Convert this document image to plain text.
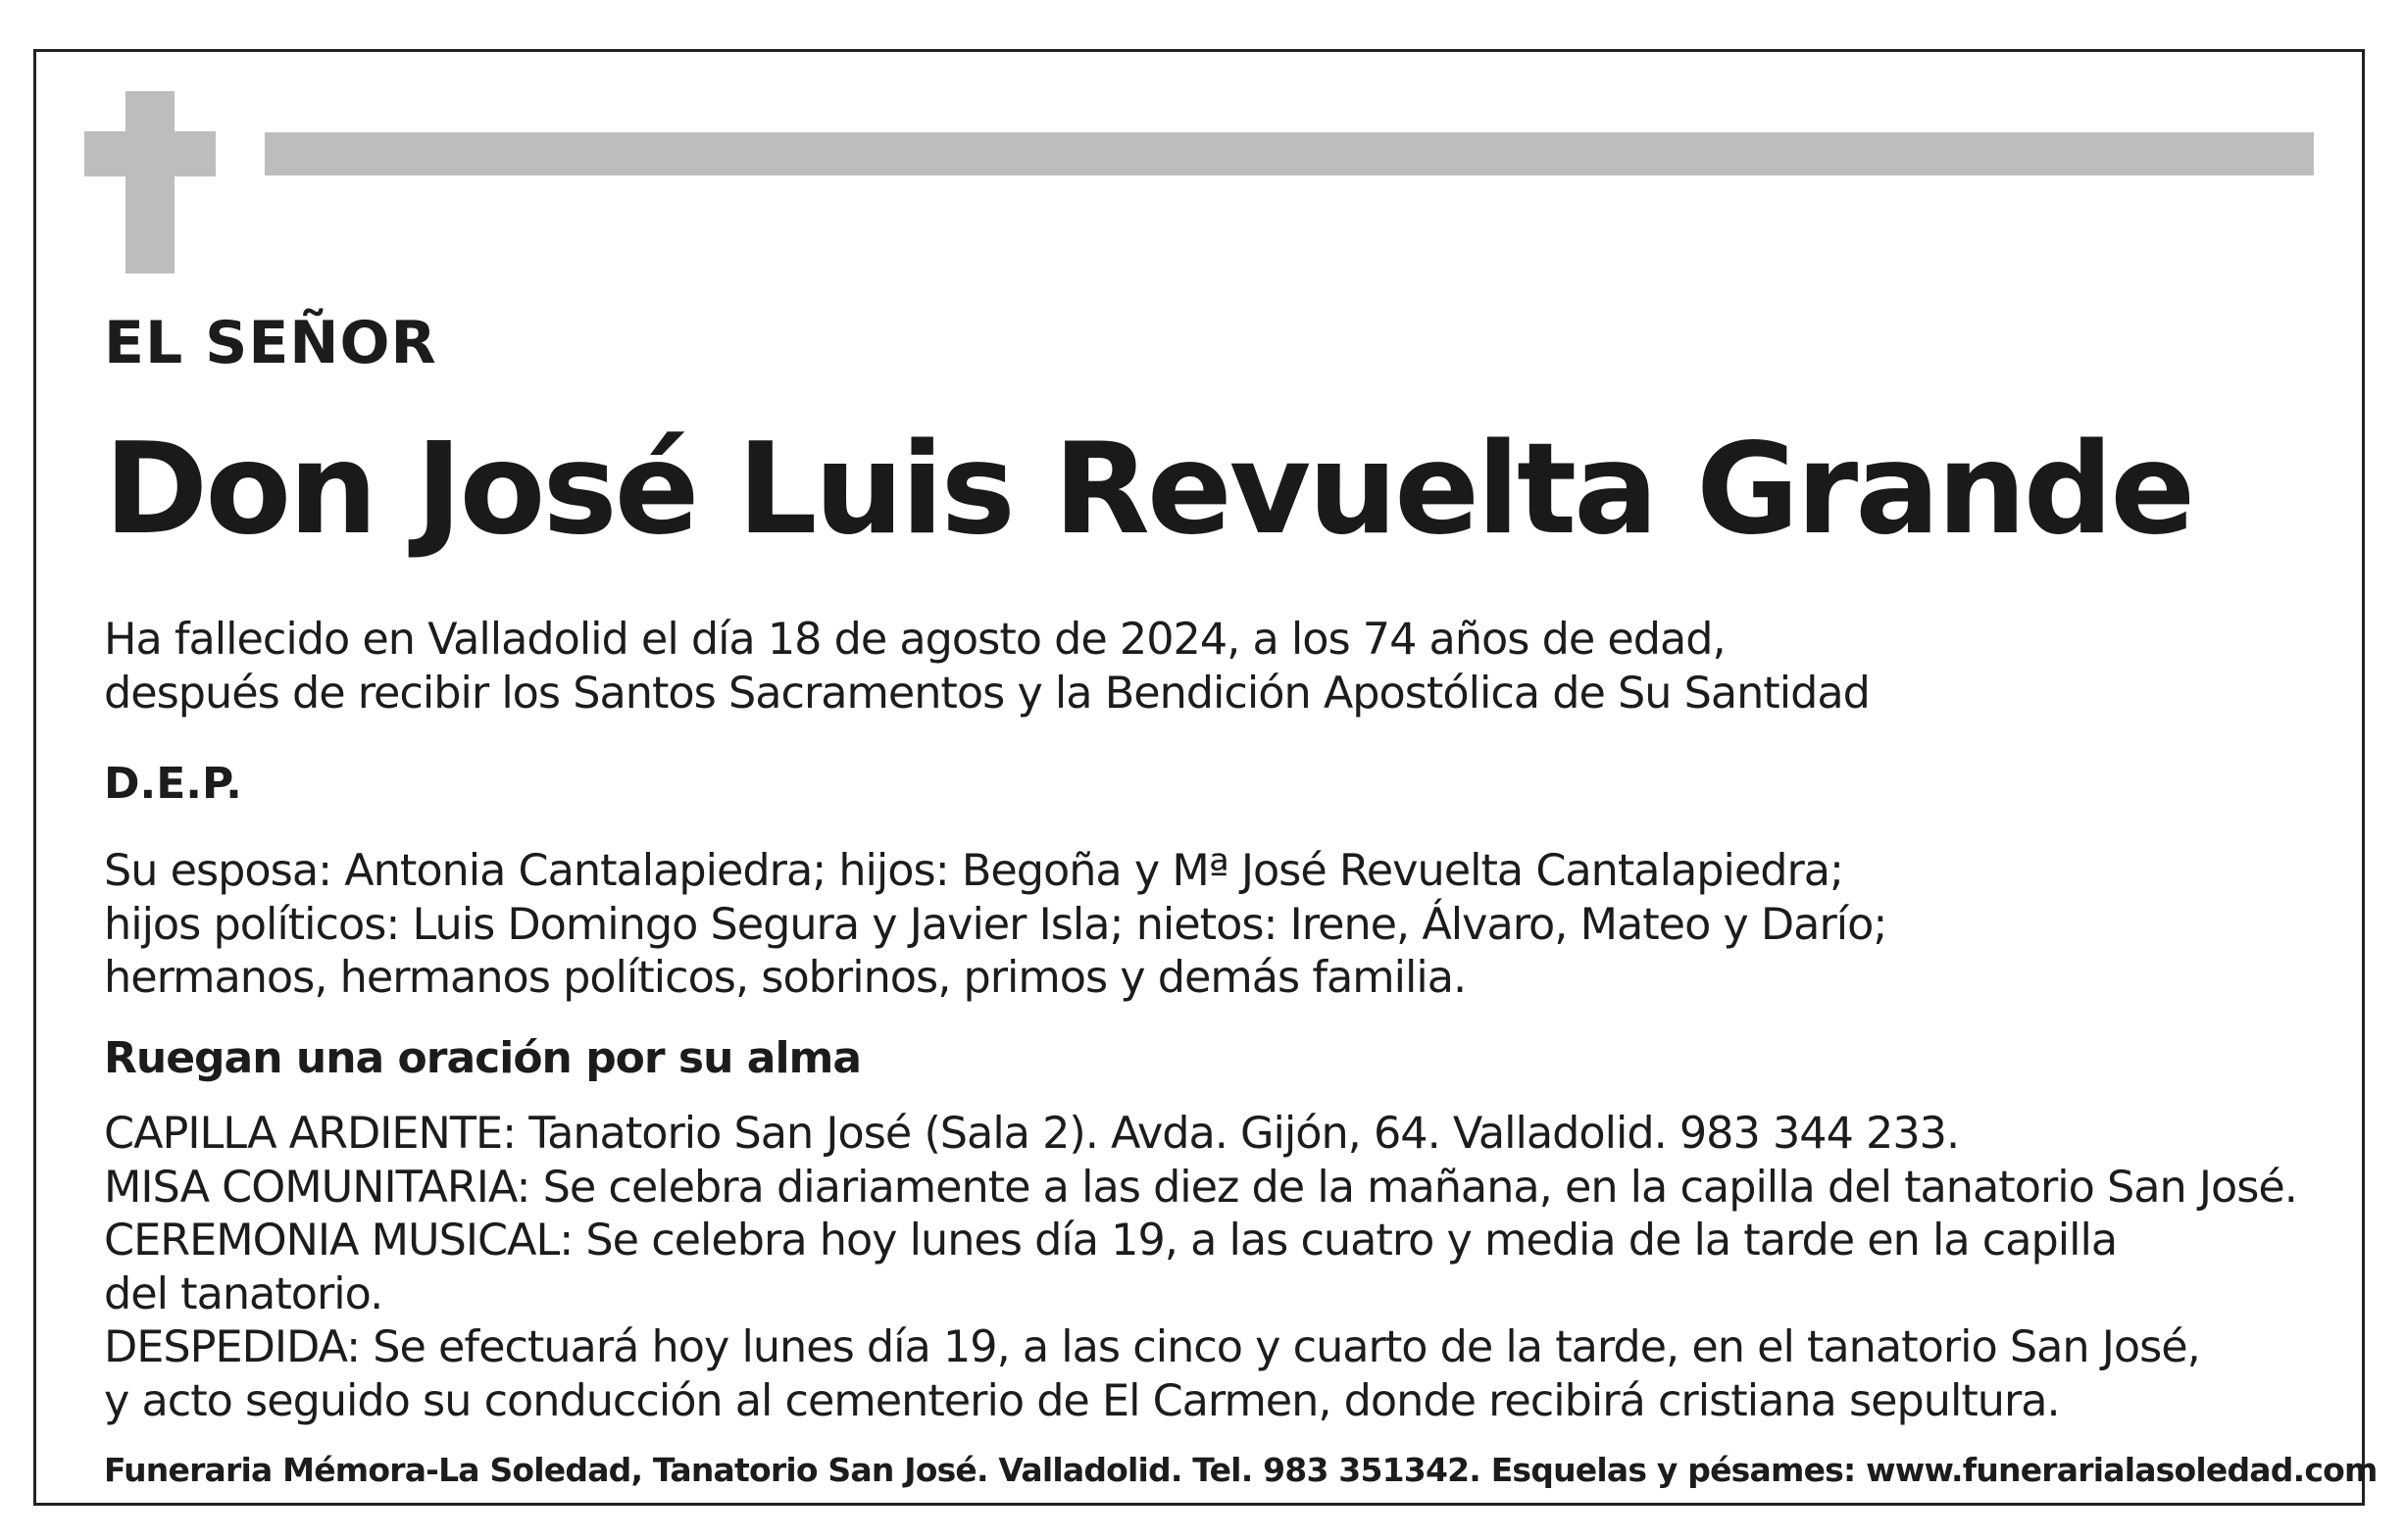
EL SEÑOR
Don José Luis Revuelta Grande
Ha fallecido en Valladolid el día 18 de agosto de 2024, a los 74 años de edad,
después de recibir los Santos Sacramentos y la Bendición Apostólica de Su Santidad
D.E.P.
Su esposa: Antonia Cantalapiedra; hijos: Begoña y Mª José Revuelta Cantalapiedra;
hijos políticos: Luis Domingo Segura y Javier Isla; nietos: Irene, Álvaro, Mateo y Darío;
hermanos, hermanos políticos, sobrinos, primos y demás familia.
Ruegan una oración por su alma
CAPILLA ARDIENTE: Tanatorio San José (Sala 2). Avda. Gijón, 64. Valladolid. 983 344 233.
MISA COMUNITARIA: Se celebra diariamente a las diez de la mañana, en la capilla del tanatorio San José.
CEREMONIA MUSICAL: Se celebra hoy lunes día 19, a las cuatro y media de la tarde en la capilla
del tanatorio.
DESPEDIDA: Se efectuará hoy lunes día 19, a las cinco y cuarto de la tarde, en el tanatorio San José,
y acto seguido su conducción al cementerio de El Carmen, donde recibirá cristiana sepultura.
Funeraria Mémora-La Soledad, Tanatorio San José. Valladolid. Tel. 983 351342. Esquelas y pésames: www.funerarialasoledad.com
